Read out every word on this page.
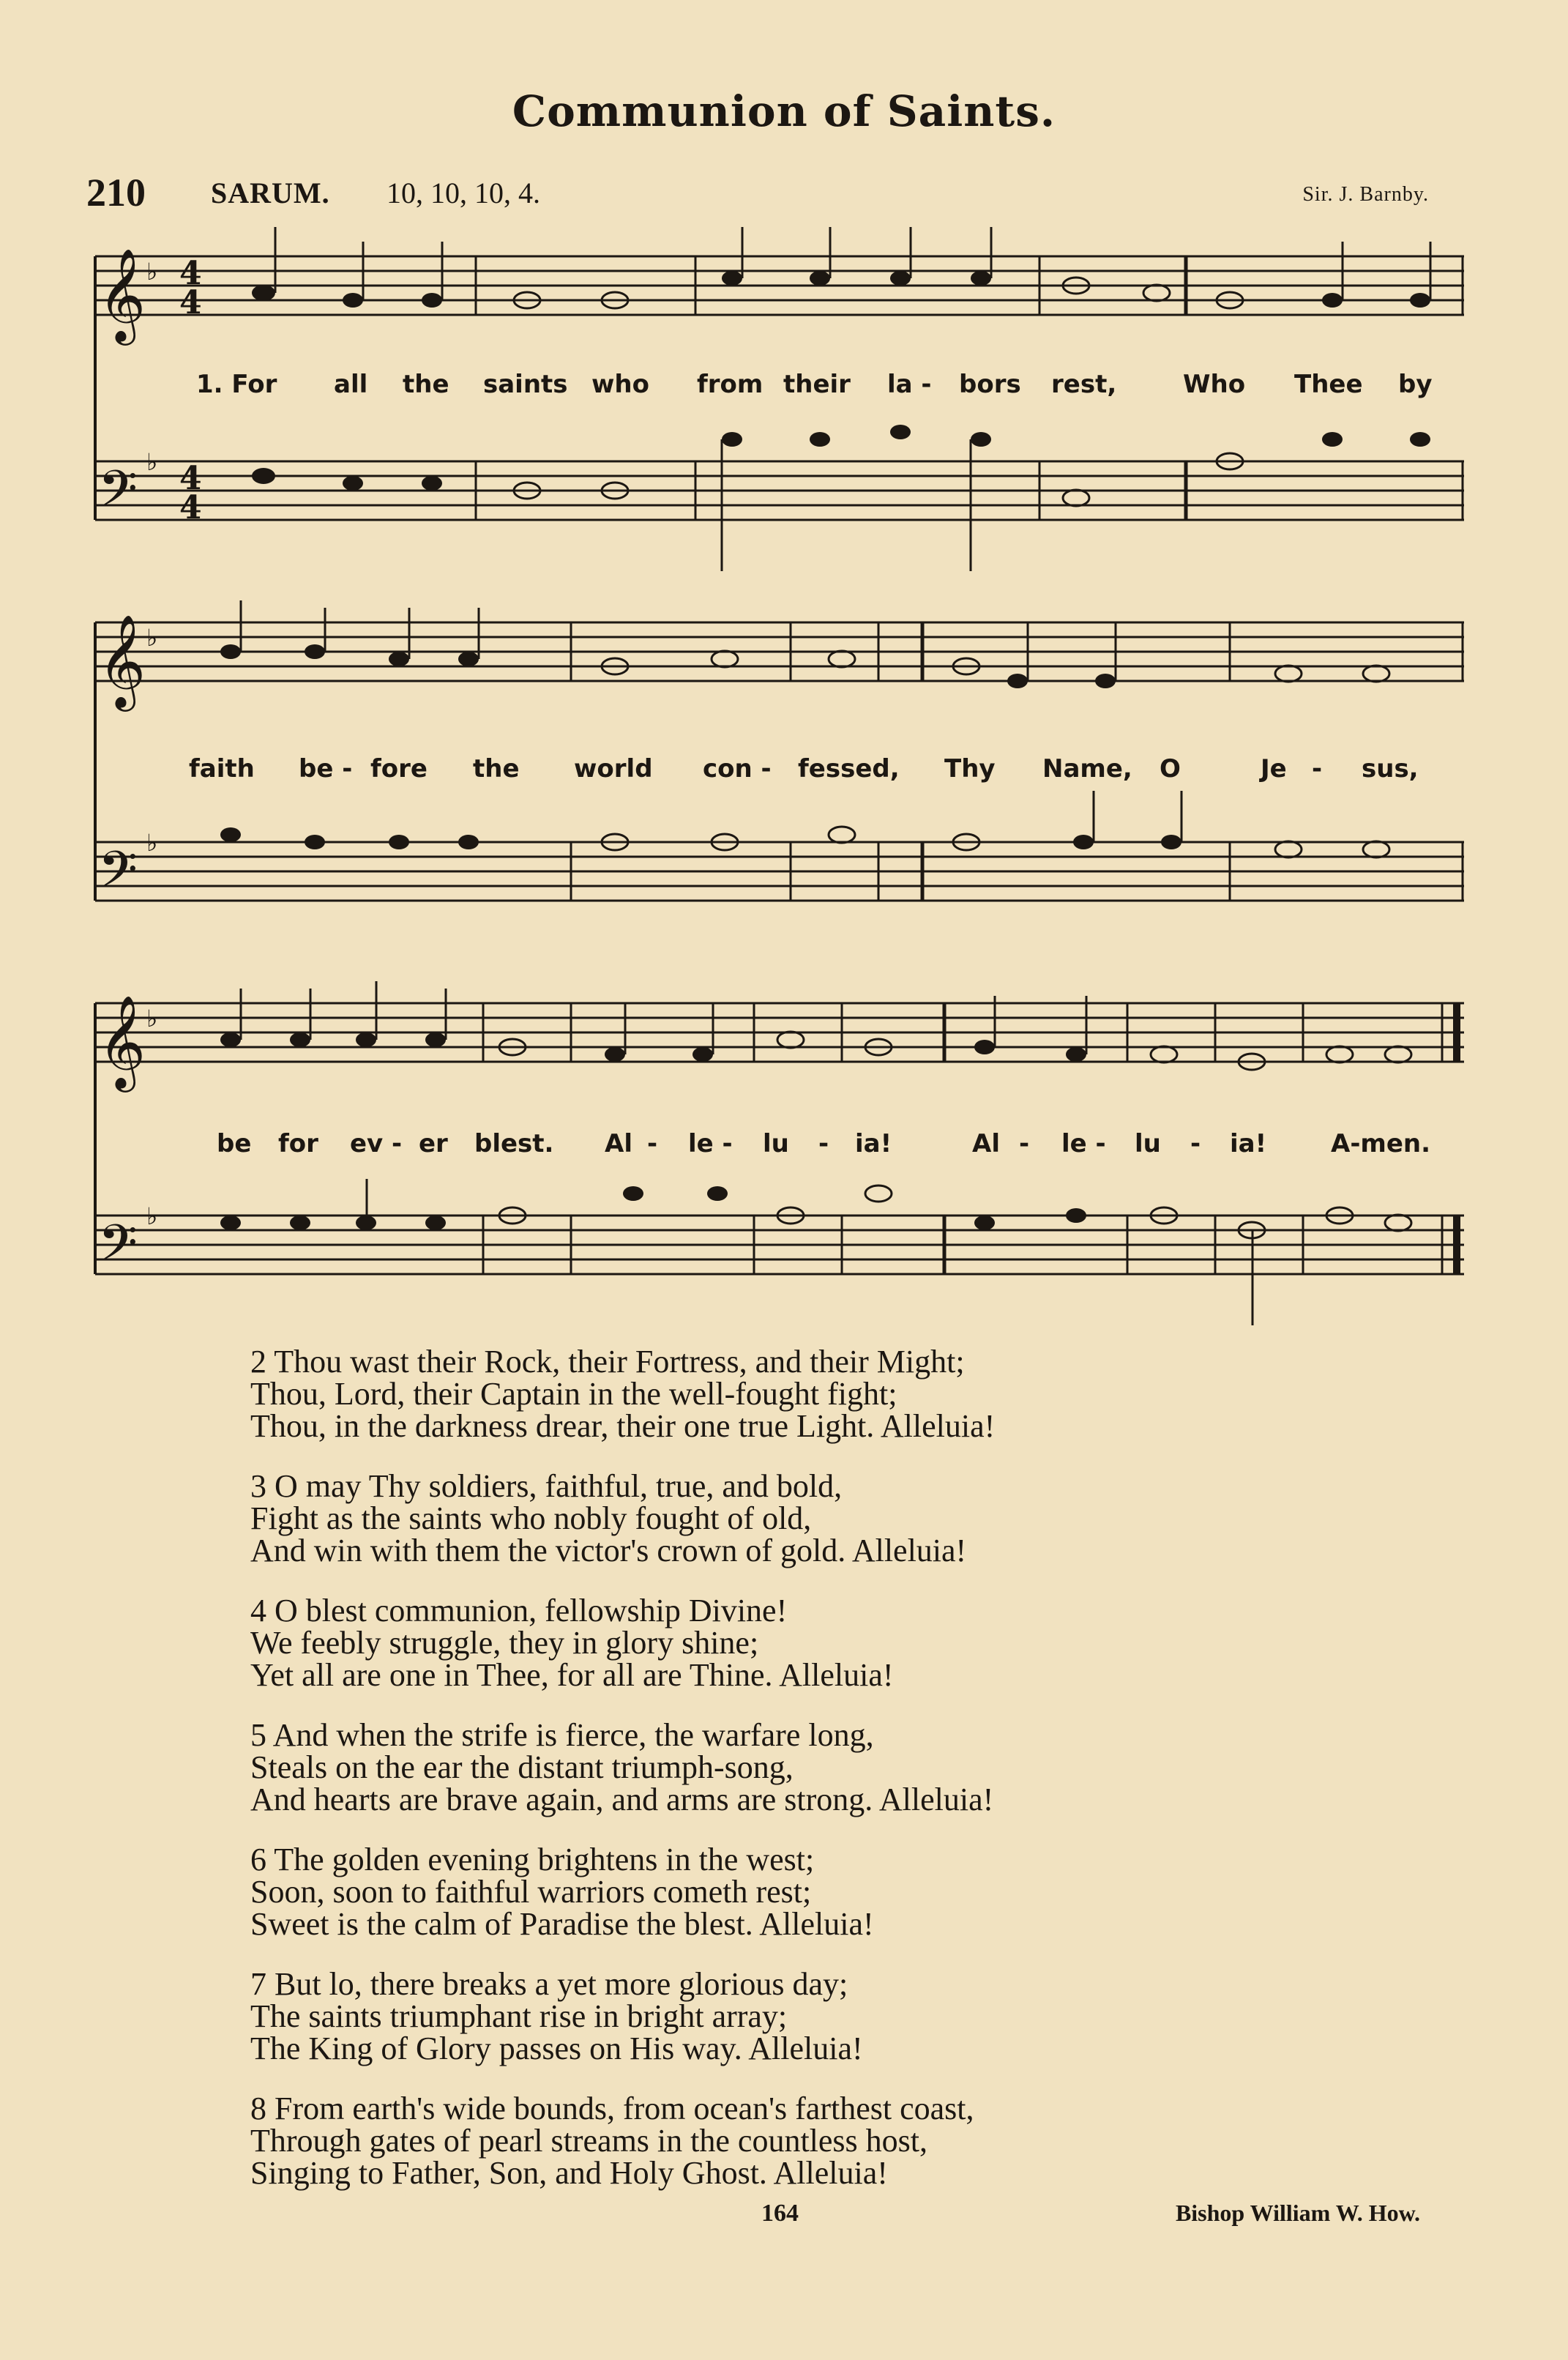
Communion of Saints.
210 SARUM. 10, 10, 10, 4.	Sir. J. Barnby.
𝄞
𝄢
♭
♭
4
4
4
4
1. For all the saints who from their la - bors rest,	Who Thee by
𝄞
𝄢
♭
♭
faith be - fore the world con - fessed, Thy Name, O	Je - sus,
𝄞
𝄢
♭
♭
be for ev - er blest. Al - le - lu - ia!	Al - le - lu - ia!	A-men.
2 Thou wast their Rock, their Fortress, and their Might;
Thou, Lord, their Captain in the well-fought fight;
Thou, in the darkness drear, their one true Light. Alleluia!
3 O may Thy soldiers, faithful, true, and bold,
Fight as the saints who nobly fought of old,
And win with them the victor's crown of gold. Alleluia!
4 O blest communion, fellowship Divine!
We feebly struggle, they in glory shine;
Yet all are one in Thee, for all are Thine. Alleluia!
5 And when the strife is fierce, the warfare long,
Steals on the ear the distant triumph-song,
And hearts are brave again, and arms are strong. Alleluia!
6 The golden evening brightens in the west;
Soon, soon to faithful warriors cometh rest;
Sweet is the calm of Paradise the blest. Alleluia!
7 But lo, there breaks a yet more glorious day;
The saints triumphant rise in bright array;
The King of Glory passes on His way. Alleluia!
8 From earth's wide bounds, from ocean's farthest coast,
Through gates of pearl streams in the countless host,
Singing to Father, Son, and Holy Ghost. Alleluia!
164	Bishop William W. How.
